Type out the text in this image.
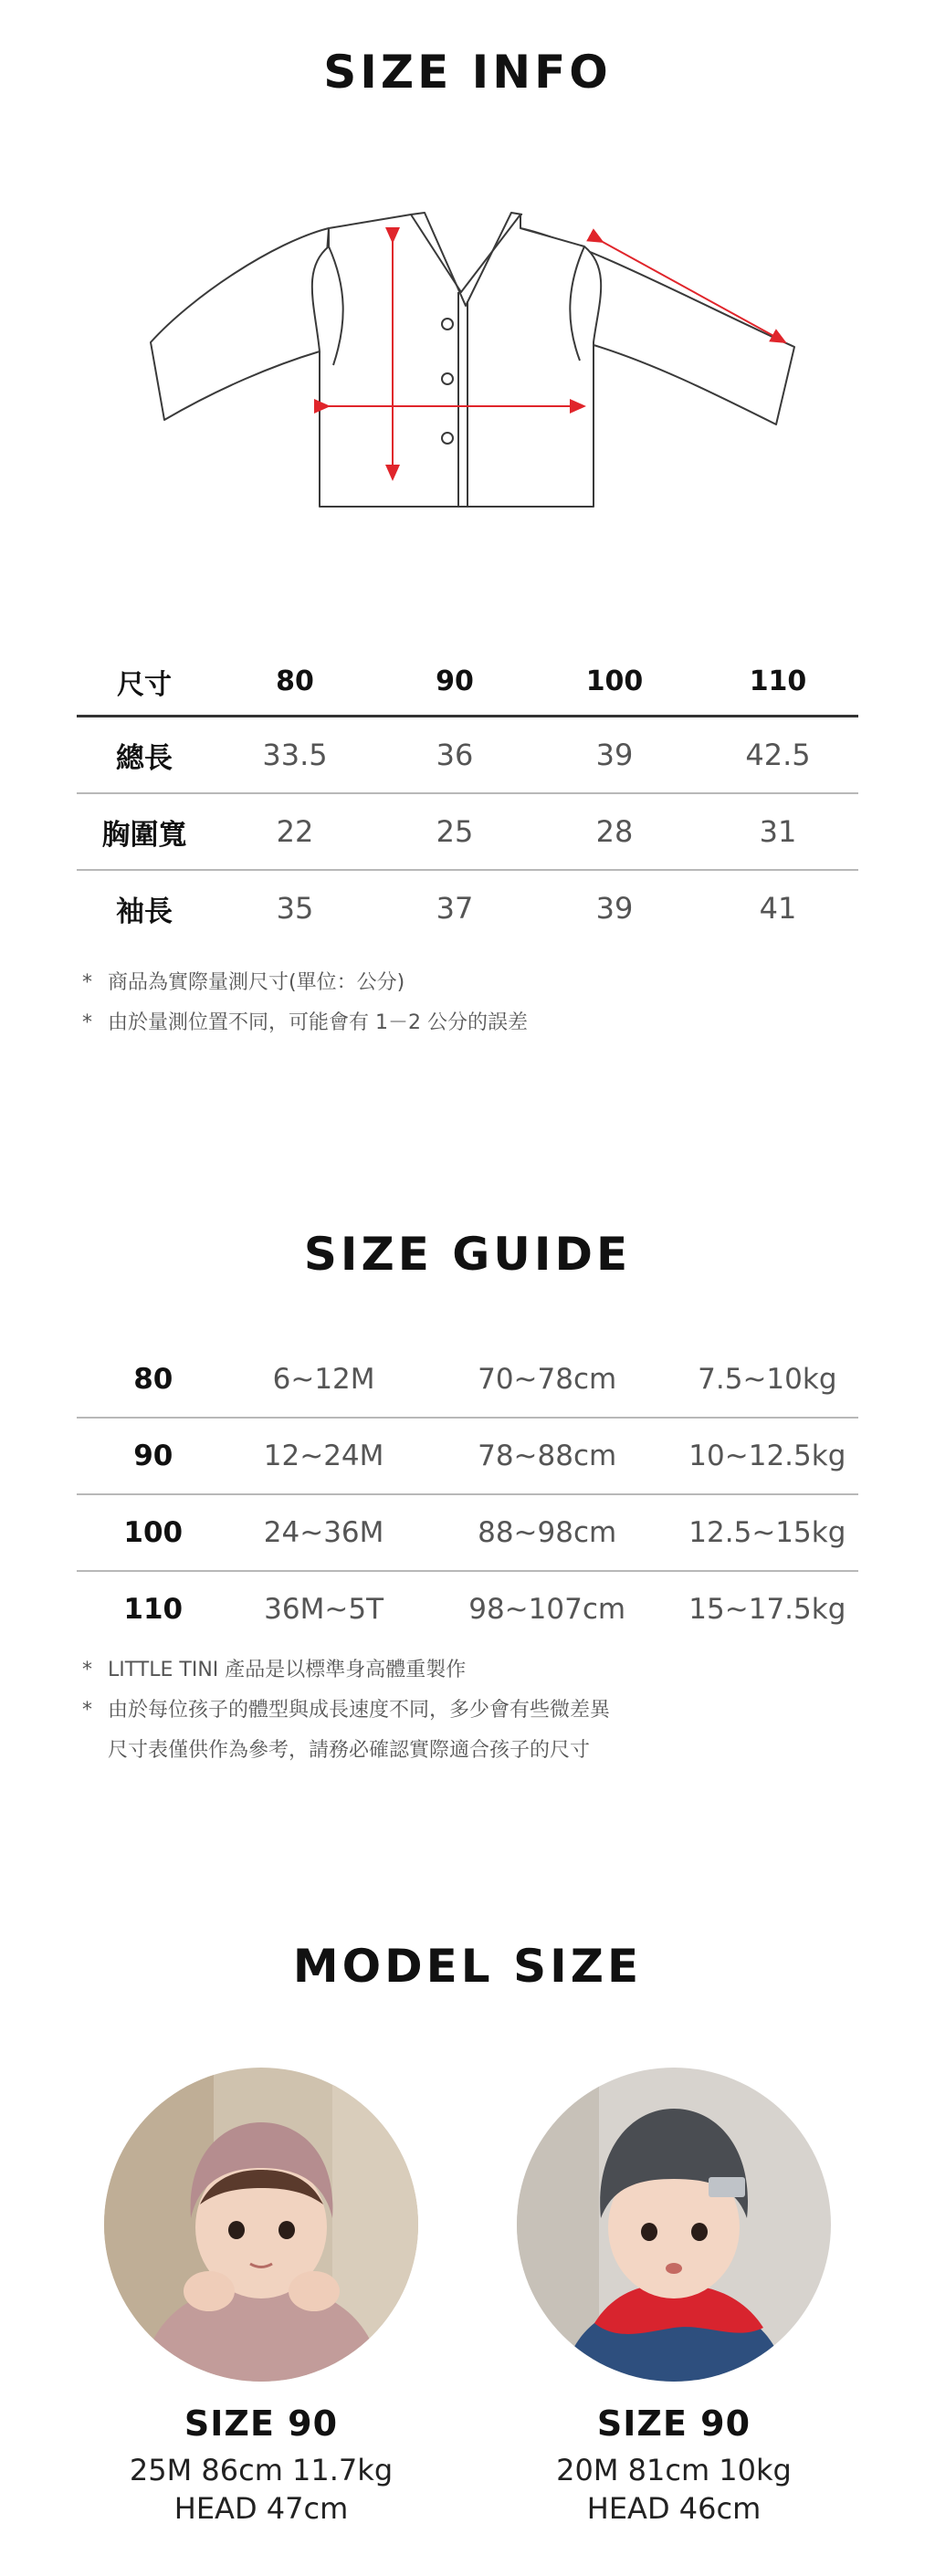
SIZE INFO
尺寸	80	90	100	110
總長	33.5	36	39	42.5
胸圍寬	22	25	28	31
袖長	35	37	39	41
* 商品為實際量測尺寸(單位：公分)
* 由於量測位置不同，可能會有 1－2 公分的誤差
SIZE GUIDE
80	6~12M	70~78cm	7.5~10kg
90	12~24M	78~88cm	10~12.5kg
100	24~36M	88~98cm	12.5~15kg
110	36M~5T	98~107cm	15~17.5kg
* LITTLE TINI 產品是以標準身高體重製作
* 由於每位孩子的體型與成長速度不同，多少會有些微差異
尺寸表僅供作為參考，請務必確認實際適合孩子的尺寸
MODEL SIZE
SIZE 90
25M 86cm 11.7kg
HEAD 47cm
SIZE 90
20M 81cm 10kg
HEAD 46cm
